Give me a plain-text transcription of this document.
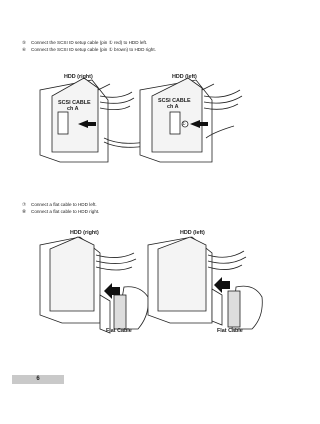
⑤ Connect the SCSI ID setup cable (pin ① red) to HDD left.
⑥ Connect the SCSI ID setup cable (pin ① brown) to HDD right.
HDD (right)	HDD (left)
SCSI CABLE
ch A
SCSI CABLE
ch A
①
⑦ Connect a flat cable to HDD left.
⑧ Connect a flat cable to HDD right.
HDD (right)	HDD (left)
Flat Cable	Flat Cable
6
